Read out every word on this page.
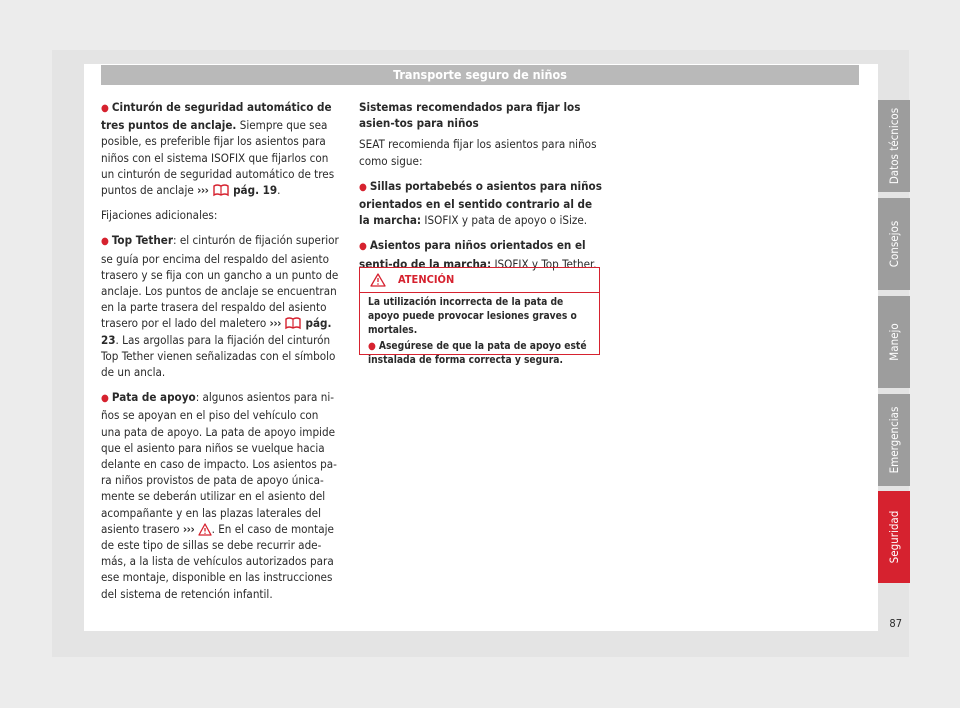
Transporte seguro de niños

● Cinturón de seguridad automático de tres puntos de anclaje. Siempre que sea posible, es preferible fijar los asientos para niños con el sistema ISOFIX que fijarlos con un cinturón de seguridad automático de tres puntos de anclaje ››› pág. 19.

Fijaciones adicionales:

● Top Tether: el cinturón de fijación superior se guía por encima del respaldo del asiento trasero y se fija con un gancho a un punto de anclaje. Los puntos de anclaje se encuentran en la parte trasera del respaldo del asiento trasero por el lado del maletero ››› pág. 23. Las argollas para la fijación del cinturón Top Tether vienen señalizadas con el símbolo de un ancla.

● Pata de apoyo: algunos asientos para ni-ños se apoyan en el piso del vehículo con una pata de apoyo. La pata de apoyo impide que el asiento para niños se vuelque hacia delante en caso de impacto. Los asientos pa-ra niños provistos de pata de apoyo única-mente se deberán utilizar en el asiento del acompañante y en las plazas laterales del asiento trasero ››› . En el caso de montaje de este tipo de sillas se debe recurrir ade-más, a la lista de vehículos autorizados para ese montaje, disponible en las instrucciones del sistema de retención infantil.

Sistemas recomendados para fijar los asien-tos para niños

SEAT recomienda fijar los asientos para niños como sigue:

● Sillas portabebés o asientos para niños orientados en el sentido contrario al de la marcha: ISOFIX y pata de apoyo o iSize.

● Asientos para niños orientados en el senti-do de la marcha: ISOFIX y Top Tether.

ATENCIÓN

La utilización incorrecta de la pata de apoyo puede provocar lesiones graves o mortales.

● Asegúrese de que la pata de apoyo esté instalada de forma correcta y segura.

Datos técnicos
Consejos
Manejo
Emergencias
Seguridad
87
